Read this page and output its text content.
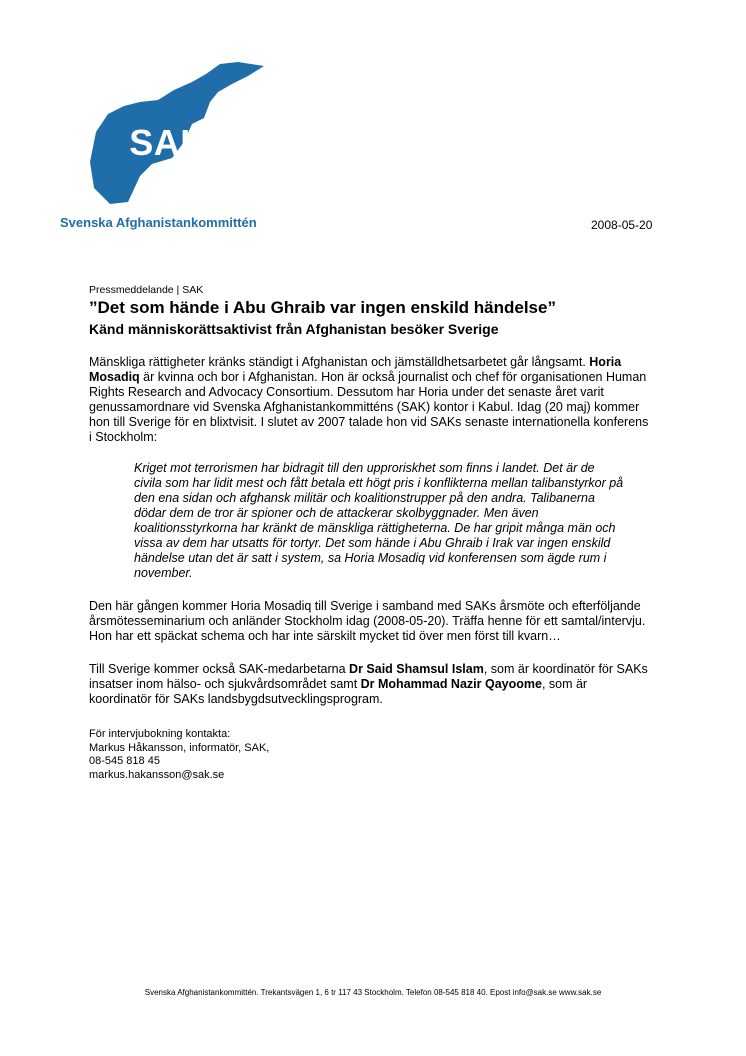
SAK
Svenska Afghanistankommittén	2008-05-20

Pressmeddelande | SAK

”Det som hände i Abu Ghraib var ingen enskild händelse”
Känd människorättsaktivist från Afghanistan besöker Sverige

Mänskliga rättigheter kränks ständigt i Afghanistan och jämställdhetsarbetet går långsamt. Horia Mosadiq är kvinna och bor i Afghanistan. Hon är också journalist och chef för organisationen Human Rights Research and Advocacy Consortium. Dessutom har Horia under det senaste året varit genussamordnare vid Svenska Afghanistankommitténs (SAK) kontor i Kabul. Idag (20 maj) kommer hon till Sverige för en blixtvisit. I slutet av 2007 talade hon vid SAKs senaste internationella konferens i Stockholm:

Kriget mot terrorismen har bidragit till den upproriskhet som finns i landet. Det är de civila som har lidit mest och fått betala ett högt pris i konflikterna mellan talibanstyrkor på den ena sidan och afghansk militär och koalitionstrupper på den andra. Talibanerna dödar dem de tror är spioner och de attackerar skolbyggnader. Men även koalitionsstyrkorna har kränkt de mänskliga rättigheterna. De har gripit många män och vissa av dem har utsatts för tortyr. Det som hände i Abu Ghraib i Irak var ingen enskild händelse utan det är satt i system, sa Horia Mosadiq vid konferensen som ägde rum i november.

Den här gången kommer Horia Mosadiq till Sverige i samband med SAKs årsmöte och efterföljande årsmötesseminarium och anländer Stockholm idag (2008-05-20). Träffa henne för ett samtal/intervju. Hon har ett späckat schema och har inte särskilt mycket tid över men först till kvarn…

Till Sverige kommer också SAK-medarbetarna Dr Said Shamsul Islam, som är koordinatör för SAKs insatser inom hälso- och sjukvårdsområdet samt Dr Mohammad Nazir Qayoome, som är koordinatör för SAKs landsbygdsutvecklingsprogram.

För intervjubokning kontakta:
Markus Håkansson, informatör, SAK,
08-545 818 45
markus.hakansson@sak.se
Svenska Afghanistankommittén. Trekantsvägen 1, 6 tr 117 43 Stockholm. Telefon 08-545 818 40. Epost info@sak.se www.sak.se
